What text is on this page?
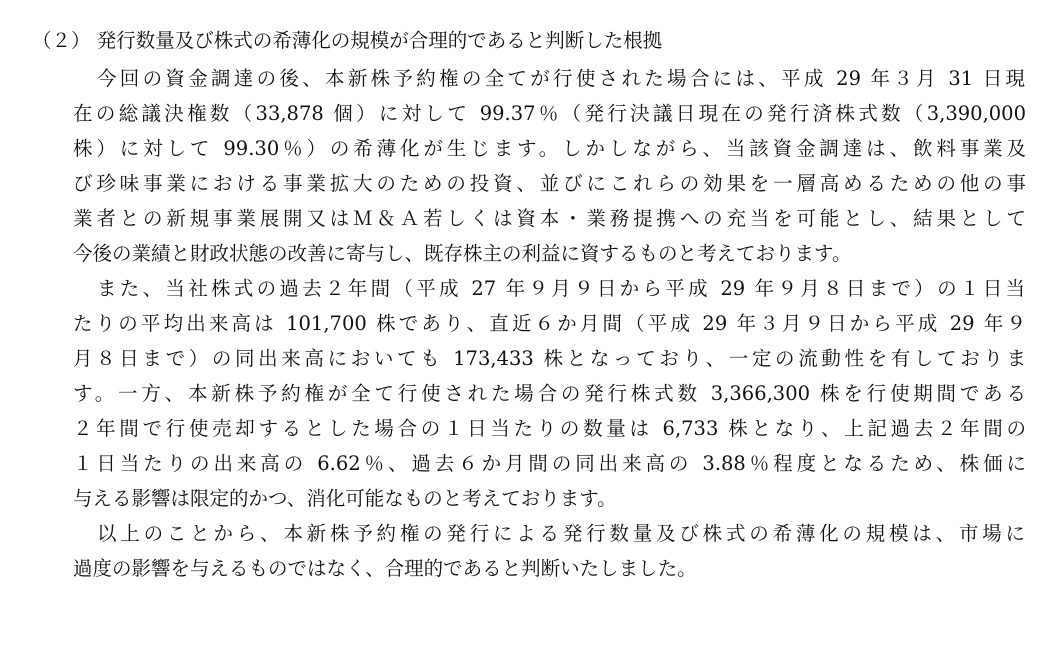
（２） 発行数量及び株式の希薄化の規模が合理的であると判断した根拠
今回の資金調達の後、本新株予約権の全てが行使された場合には、平成 29 年３月 31 日現
在の総議決権数（33,878 個）に対して 99.37％（発行決議日現在の発行済株式数（3,390,000
株）に対して 99.30％）の希薄化が生じます。しかしながら、当該資金調達は、飲料事業及
び珍味事業における事業拡大のための投資、並びにこれらの効果を一層高めるための他の事
業者との新規事業展開又はＭ＆Ａ若しくは資本・業務提携への充当を可能とし、結果として
今後の業績と財政状態の改善に寄与し、既存株主の利益に資するものと考えております。
また、当社株式の過去２年間（平成 27 年９月９日から平成 29 年９月８日まで）の１日当
たりの平均出来高は 101,700 株であり、直近６か月間（平成 29 年３月９日から平成 29 年９
月８日まで）の同出来高においても 173,433 株となっており、一定の流動性を有しておりま
す。一方、本新株予約権が全て行使された場合の発行株式数 3,366,300 株を行使期間である
２年間で行使売却するとした場合の１日当たりの数量は 6,733 株となり、上記過去２年間の
１日当たりの出来高の 6.62％、過去６か月間の同出来高の 3.88％程度となるため、株価に
与える影響は限定的かつ、消化可能なものと考えております。
以上のことから、本新株予約権の発行による発行数量及び株式の希薄化の規模は、市場に
過度の影響を与えるものではなく、合理的であると判断いたしました。
